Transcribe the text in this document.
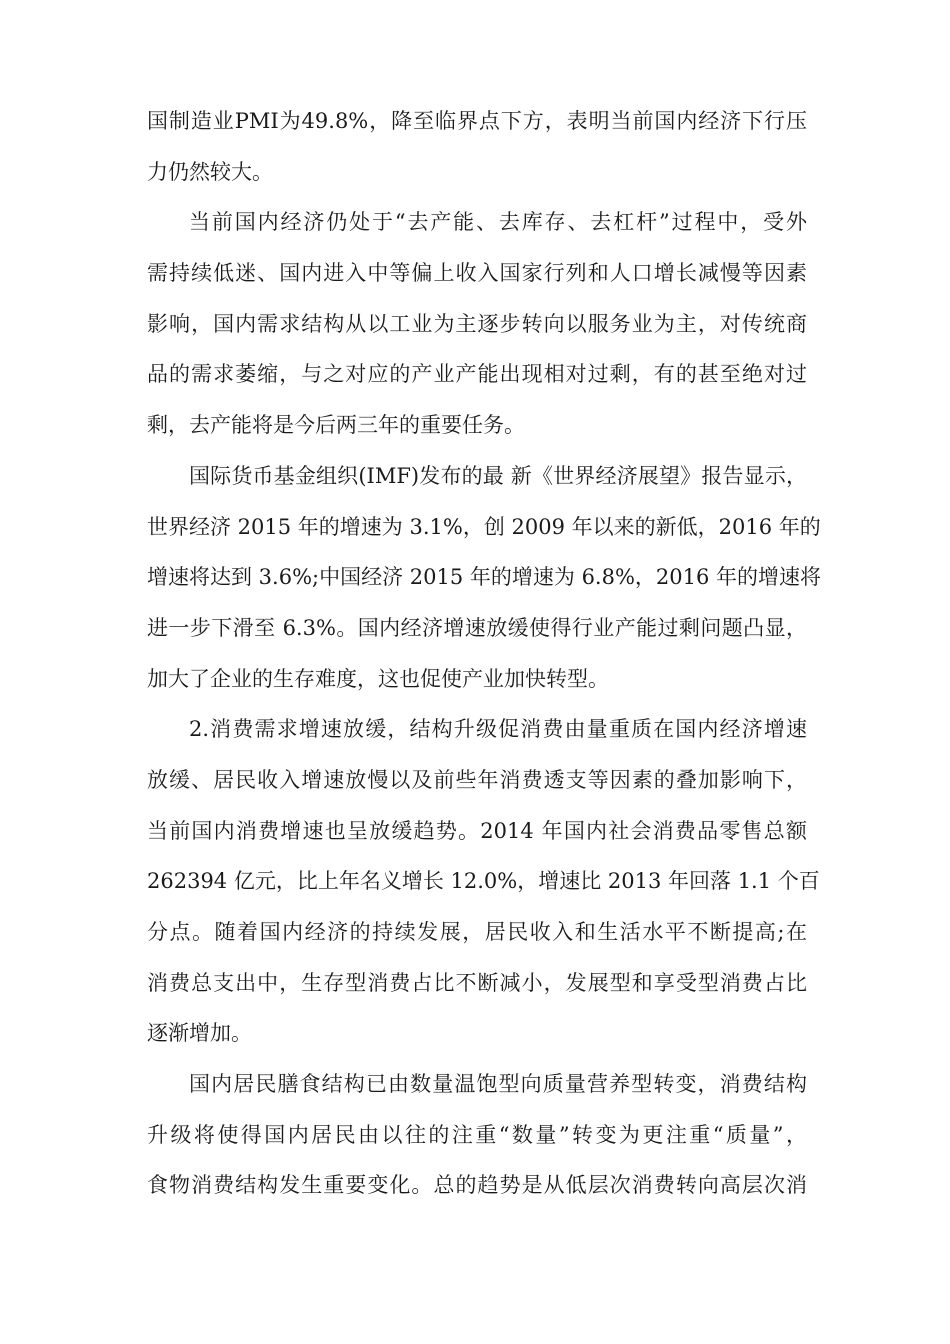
国制造业PMI为49.8%，降至临界点下方，表明当前国内经济下行压
力仍然较大。
当前国内经济仍处于“去产能、去库存、去杠杆”过程中，受外
需持续低迷、国内进入中等偏上收入国家行列和人口增长减慢等因素
影响，国内需求结构从以工业为主逐步转向以服务业为主，对传统商
品的需求萎缩，与之对应的产业产能出现相对过剩，有的甚至绝对过
剩，去产能将是今后两三年的重要任务。
国际货币基金组织(IMF)发布的最 新《世界经济展望》报告显示，
世界经济 2015 年的增速为 3.1%，创 2009 年以来的新低，2016 年的
增速将达到 3.6%;中国经济 2015 年的增速为 6.8%，2016 年的增速将
进一步下滑至 6.3%。国内经济增速放缓使得行业产能过剩问题凸显，
加大了企业的生存难度，这也促使产业加快转型。
2.消费需求增速放缓，结构升级促消费由量重质在国内经济增速
放缓、居民收入增速放慢以及前些年消费透支等因素的叠加影响下，
当前国内消费增速也呈放缓趋势。2014 年国内社会消费品零售总额
262394 亿元，比上年名义增长 12.0%，增速比 2013 年回落 1.1 个百
分点。随着国内经济的持续发展，居民收入和生活水平不断提高;在
消费总支出中，生存型消费占比不断减小，发展型和享受型消费占比
逐渐增加。
国内居民膳食结构已由数量温饱型向质量营养型转变，消费结构
升级将使得国内居民由以往的注重“数量”转变为更注重“质量”，
食物消费结构发生重要变化。总的趋势是从低层次消费转向高层次消
